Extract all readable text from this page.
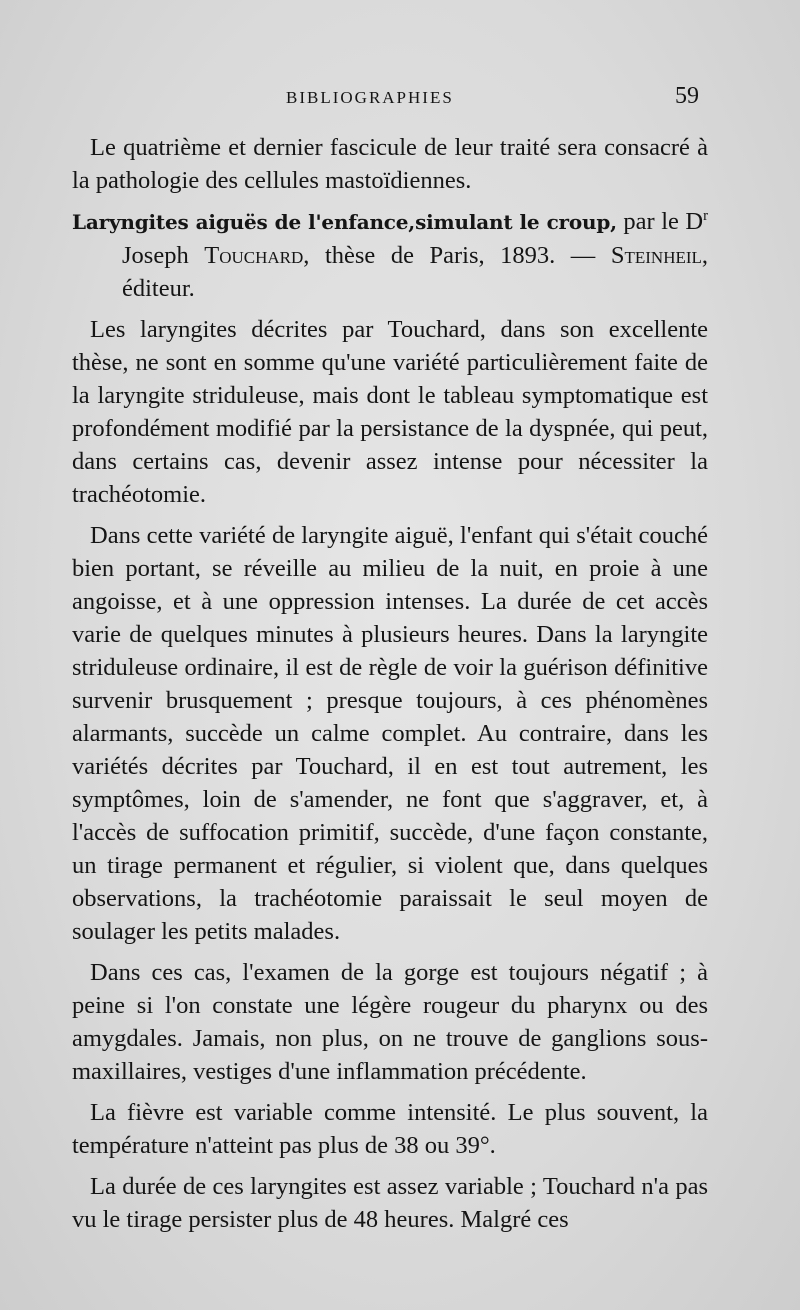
BIBLIOGRAPHIES	59

Le quatrième et dernier fascicule de leur traité sera consacré à la pathologie des cellules mastoïdiennes.

Laryngites aiguës de l'enfance,simulant le croup, par le $D^r$ Joseph Touchard, thèse de Paris, 1893. — Steinheil, éditeur.

Les laryngites décrites par Touchard, dans son excellente thèse, ne sont en somme qu'une variété particulièrement faite de la laryngite striduleuse, mais dont le tableau symptomatique est profondément modifié par la persistance de la dyspnée, qui peut, dans certains cas, devenir assez intense pour nécessiter la trachéotomie.

Dans cette variété de laryngite aiguë, l'enfant qui s'était couché bien portant, se réveille au milieu de la nuit, en proie à une angoisse, et à une oppression intenses. La durée de cet accès varie de quelques minutes à plusieurs heures. Dans la laryngite striduleuse ordinaire, il est de règle de voir la guérison définitive survenir brusquement ; presque toujours, à ces phénomènes alarmants, succède un calme complet. Au contraire, dans les variétés décrites par Touchard, il en est tout autrement, les symptômes, loin de s'amender, ne font que s'aggraver, et, à l'accès de suffocation primitif, succède, d'une façon constante, un tirage permanent et régulier, si violent que, dans quelques observations, la trachéotomie paraissait le seul moyen de soulager les petits malades.

Dans ces cas, l'examen de la gorge est toujours négatif ; à peine si l'on constate une légère rougeur du pharynx ou des amygdales. Jamais, non plus, on ne trouve de ganglions sous-maxillaires, vestiges d'une inflammation précédente.

La fièvre est variable comme intensité. Le plus souvent, la température n'atteint pas plus de 38 ou 39°.

La durée de ces laryngites est assez variable ; Touchard n'a pas vu le tirage persister plus de 48 heures. Malgré ces
